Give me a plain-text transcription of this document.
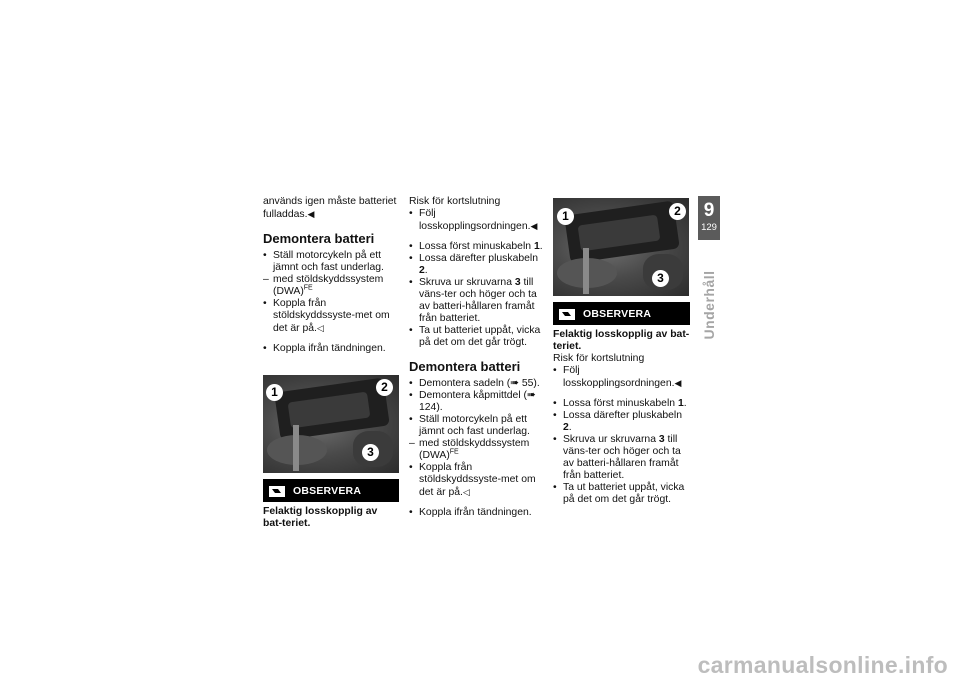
används igen måste batteriet fulladdas.◀

Demontera batteri
• Ställ motorcykeln på ett jämnt och fast underlag.
– med stöldskyddssystem (DWA)$^{FE}$
• Koppla från stöldskyddssyste-met om det är på.◁
• Koppla ifrån tändningen.
1	2
3
OBSERVERA

Felaktig losskopplig av bat-teriet.

Risk för kortslutning

• Följ losskopplingsordningen.◀
• Lossa först minuskabeln 1.
• Lossa därefter pluskabeln 2.
• Skruva ur skruvarna 3 till väns-ter och höger och ta av batteri-hållaren framåt från batteriet.
• Ta ut batteriet uppåt, vicka på det om det går trögt.
Demontera batteri
• Demontera sadeln (➠ 55).
• Demontera kåpmittdel (➠ 124).
• Ställ motorcykeln på ett jämnt och fast underlag.
– med stöldskyddssystem (DWA)$^{FE}$
• Koppla från stöldskyddssyste-met om det är på.◁
• Koppla ifrån tändningen.
1	2
3
OBSERVERA

Felaktig losskopplig av bat-teriet.

Risk för kortslutning

• Följ losskopplingsordningen.◀
• Lossa först minuskabeln 1.
• Lossa därefter pluskabeln 2.
• Skruva ur skruvarna 3 till väns-ter och höger och ta av batteri-hållaren framåt från batteriet.
• Ta ut batteriet uppåt, vicka på det om det går trögt.
9
129
Underhåll
carmanualsonline.info
